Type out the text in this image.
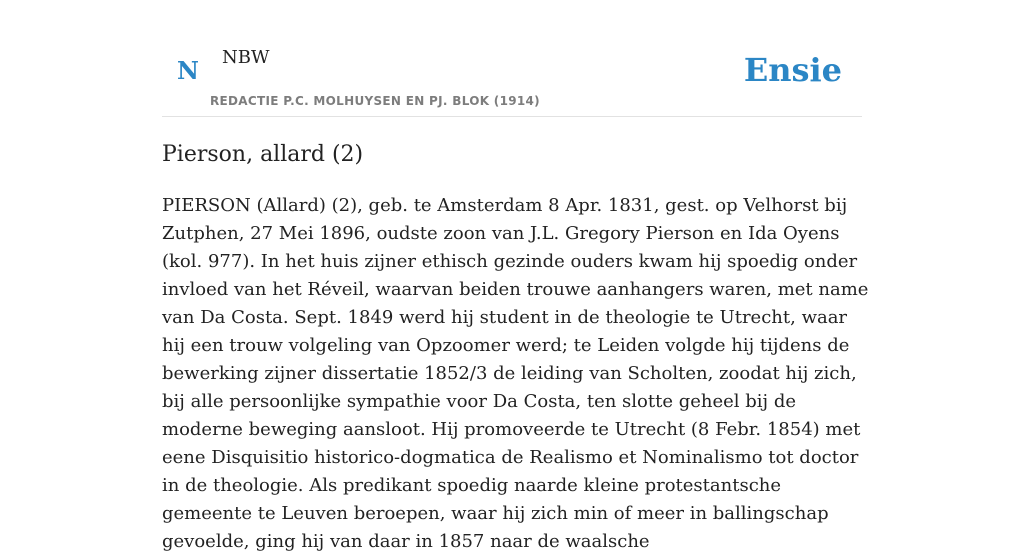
N NBW
REDACTIE P.C. MOLHUYSEN EN PJ. BLOK (1914)
Ensie
Pierson, allard (2)

PIERSON (Allard) (2), geb. te Amsterdam 8 Apr. 1831, gest. op Velhorst bij Zutphen, 27 Mei 1896, oudste zoon van J.L. Gregory Pierson en Ida Oyens (kol. 977). In het huis zijner ethisch gezinde ouders kwam hij spoedig onder invloed van het Réveil, waarvan beiden trouwe aanhangers waren, met name van Da Costa. Sept. 1849 werd hij student in de theologie te Utrecht, waar hij een trouw volgeling van Opzoomer werd; te Leiden volgde hij tijdens de bewerking zijner dissertatie 1852/3 de leiding van Scholten, zoodat hij zich, bij alle persoonlijke sympathie voor Da Costa, ten slotte geheel bij de moderne beweging aansloot. Hij promoveerde te Utrecht (8 Febr. 1854) met eene Disquisitio historico-dogmatica de Realismo et Nominalismo tot doctor in de theologie. Als predikant spoedig naarde kleine protestantsche gemeente te Leuven beroepen, waar hij zich min of meer in ballingschap gevoelde, ging hij van daar in 1857 naar de waalsche
